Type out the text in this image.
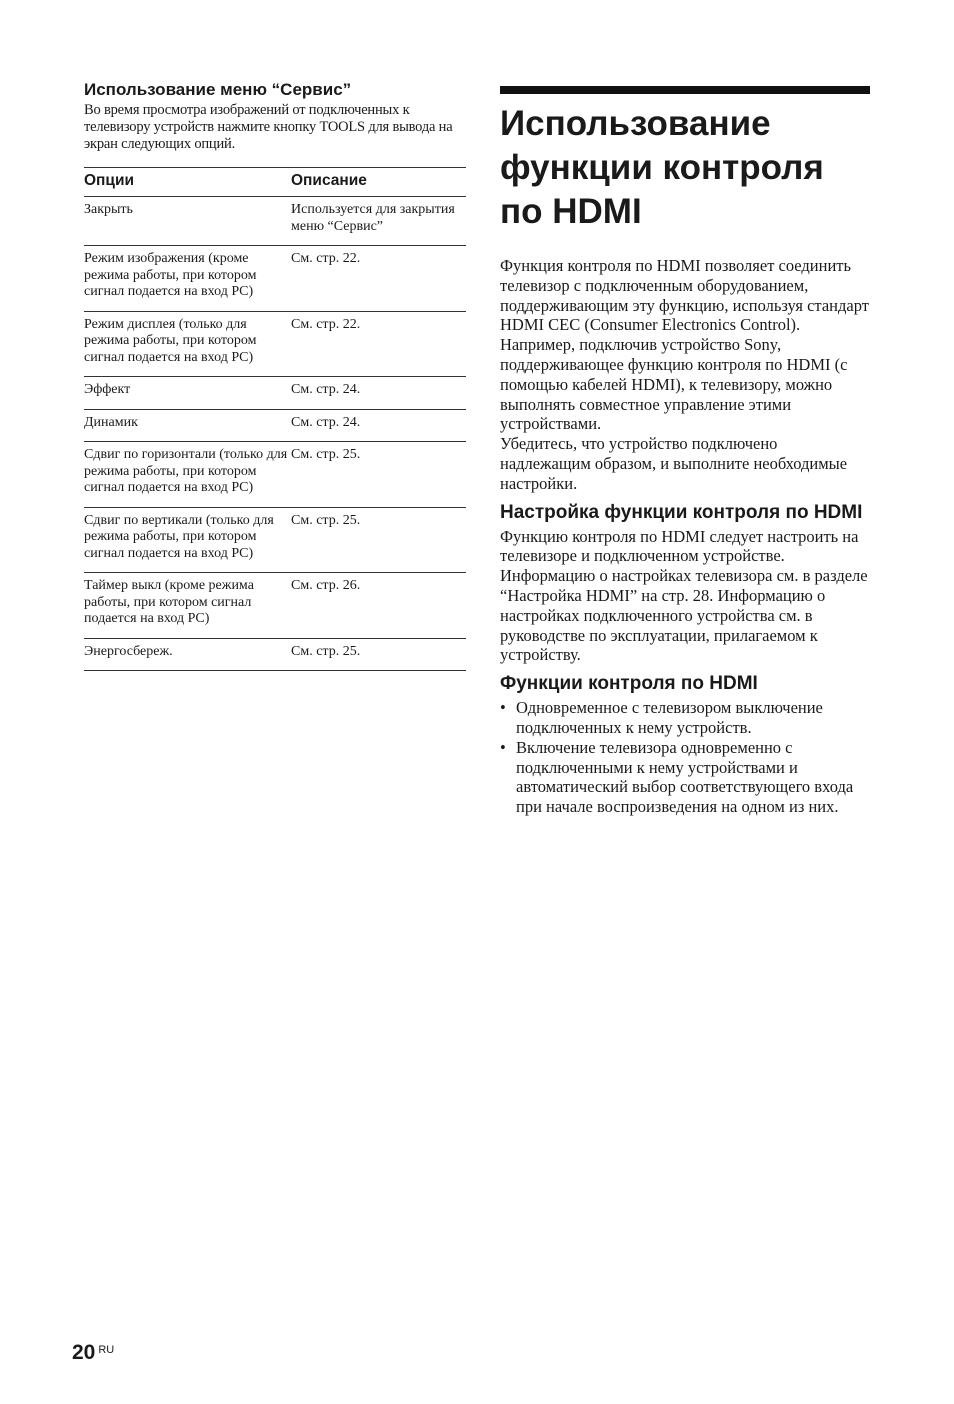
Использование меню “Сервис”

Во время просмотра изображений от подключенных к телевизору устройств нажмите кнопку TOOLS для вывода на экран следующих опций.

Опции	Описание
Закрыть	Используется для закрытия меню “Сервис”
Режим изображения (кроме режима работы, при котором сигнал подается на вход PC)	См. стр. 22.
Режим дисплея (только для режима работы, при котором сигнал подается на вход PC)	См. стр. 22.
Эффект	См. стр. 24.
Динамик	См. стр. 24.
Сдвиг по горизонтали (только для режима работы, при котором сигнал подается на вход PC)	См. стр. 25.
Сдвиг по вертикали (только для режима работы, при котором сигнал подается на вход PC)	См. стр. 25.
Таймер выкл (кроме режима работы, при котором сигнал подается на вход PC)	См. стр. 26.
Энергосбереж.	См. стр. 25.
Использование функции контроля по HDMI

Функция контроля по HDMI позволяет соединить телевизор с подключенным оборудованием, поддерживающим эту функцию, используя стандарт HDMI CEC (Consumer Electronics Control). Например, подключив устройство Sony, поддерживающее функцию контроля по HDMI (с помощью кабелей HDMI), к телевизору, можно выполнять совместное управление этими устройствами.

Убедитесь, что устройство подключено надлежащим образом, и выполните необходимые настройки.

Настройка функции контроля по HDMI

Функцию контроля по HDMI следует настроить на телевизоре и подключенном устройстве. Информацию о настройках телевизора см. в разделе “Настройка HDMI” на стр. 28. Информацию о настройках подключенного устройства см. в руководстве по эксплуатации, прилагаемом к устройству.

Функции контроля по HDMI
• Одновременное с телевизором выключение подключенных к нему устройств.
• Включение телевизора одновременно с подключенными к нему устройствами и автоматический выбор соответствующего входа при начале воспроизведения на одном из них.
20 $^{RU}$
